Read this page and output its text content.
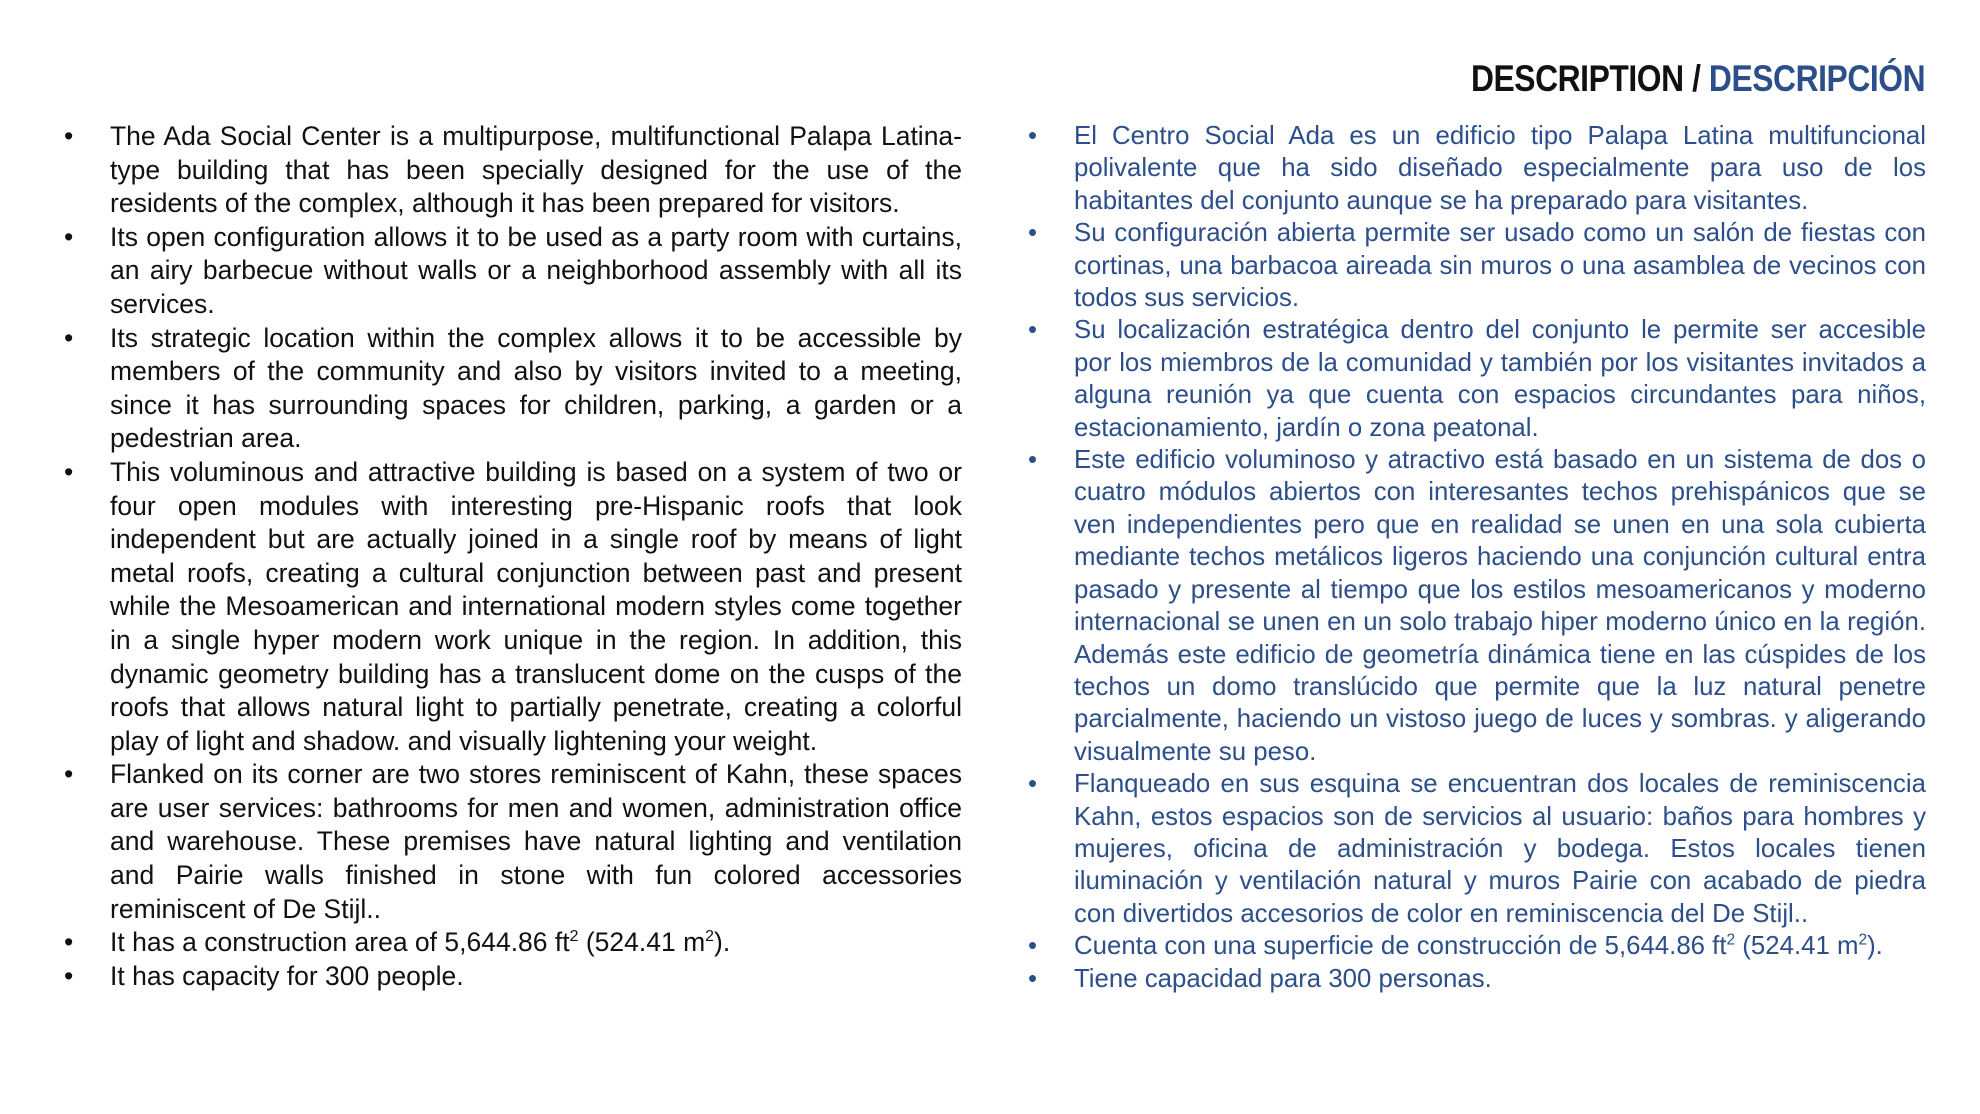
DESCRIPTION / DESCRIPCIÓN
• The Ada Social Center is a multipurpose, multifunctional Palapa Latina-type building that has been specially designed for the use of the residents of the complex, although it has been prepared for visitors.
• Its open configuration allows it to be used as a party room with curtains, an airy barbecue without walls or a neighborhood assembly with all its services.
• Its strategic location within the complex allows it to be accessible by members of the community and also by visitors invited to a meeting, since it has surrounding spaces for children, parking, a garden or a pedestrian area.
• This voluminous and attractive building is based on a system of two or four open modules with interesting pre-Hispanic roofs that look independent but are actually joined in a single roof by means of light metal roofs, creating a cultural conjunction between past and present while the Mesoamerican and international modern styles come together in a single hyper modern work unique in the region. In addition, this dynamic geometry building has a translucent dome on the cusps of the roofs that allows natural light to partially penetrate, creating a colorful play of light and shadow. and visually lightening your weight.
• Flanked on its corner are two stores reminiscent of Kahn, these spaces are user services: bathrooms for men and women, administration office and warehouse. These premises have natural lighting and ventilation and Pairie walls finished in stone with fun colored accessories reminiscent of De Stijl..
• It has a construction area of 5,644.86 $ft^2$ (524.41 $m^2$).
• It has capacity for 300 people.
• El Centro Social Ada es un edificio tipo Palapa Latina multifuncional polivalente que ha sido diseñado especialmente para uso de los habitantes del conjunto aunque se ha preparado para visitantes.
• Su configuración abierta permite ser usado como un salón de fiestas con cortinas, una barbacoa aireada sin muros o una asamblea de vecinos con todos sus servicios.
• Su localización estratégica dentro del conjunto le permite ser accesible por los miembros de la comunidad y también por los visitantes invitados a alguna reunión ya que cuenta con espacios circundantes para niños, estacionamiento, jardín o zona peatonal.
• Este edificio voluminoso y atractivo está basado en un sistema de dos o cuatro módulos abiertos con interesantes techos prehispánicos que se ven independientes pero que en realidad se unen en una sola cubierta mediante techos metálicos ligeros haciendo una conjunción cultural entra pasado y presente al tiempo que los estilos mesoamericanos y moderno internacional se unen en un solo trabajo hiper moderno único en la región. Además este edificio de geometría dinámica tiene en las cúspides de los techos un domo translúcido que permite que la luz natural penetre parcialmente, haciendo un vistoso juego de luces y sombras. y aligerando visualmente su peso.
• Flanqueado en sus esquina se encuentran dos locales de reminiscencia Kahn, estos espacios son de servicios al usuario: baños para hombres y mujeres, oficina de administración y bodega. Estos locales tienen iluminación y ventilación natural y muros Pairie con acabado de piedra con divertidos accesorios de color en reminiscencia del De Stijl..
• Cuenta con una superficie de construcción de 5,644.86 $ft^2$ (524.41 $m^2$).
• Tiene capacidad para 300 personas.
